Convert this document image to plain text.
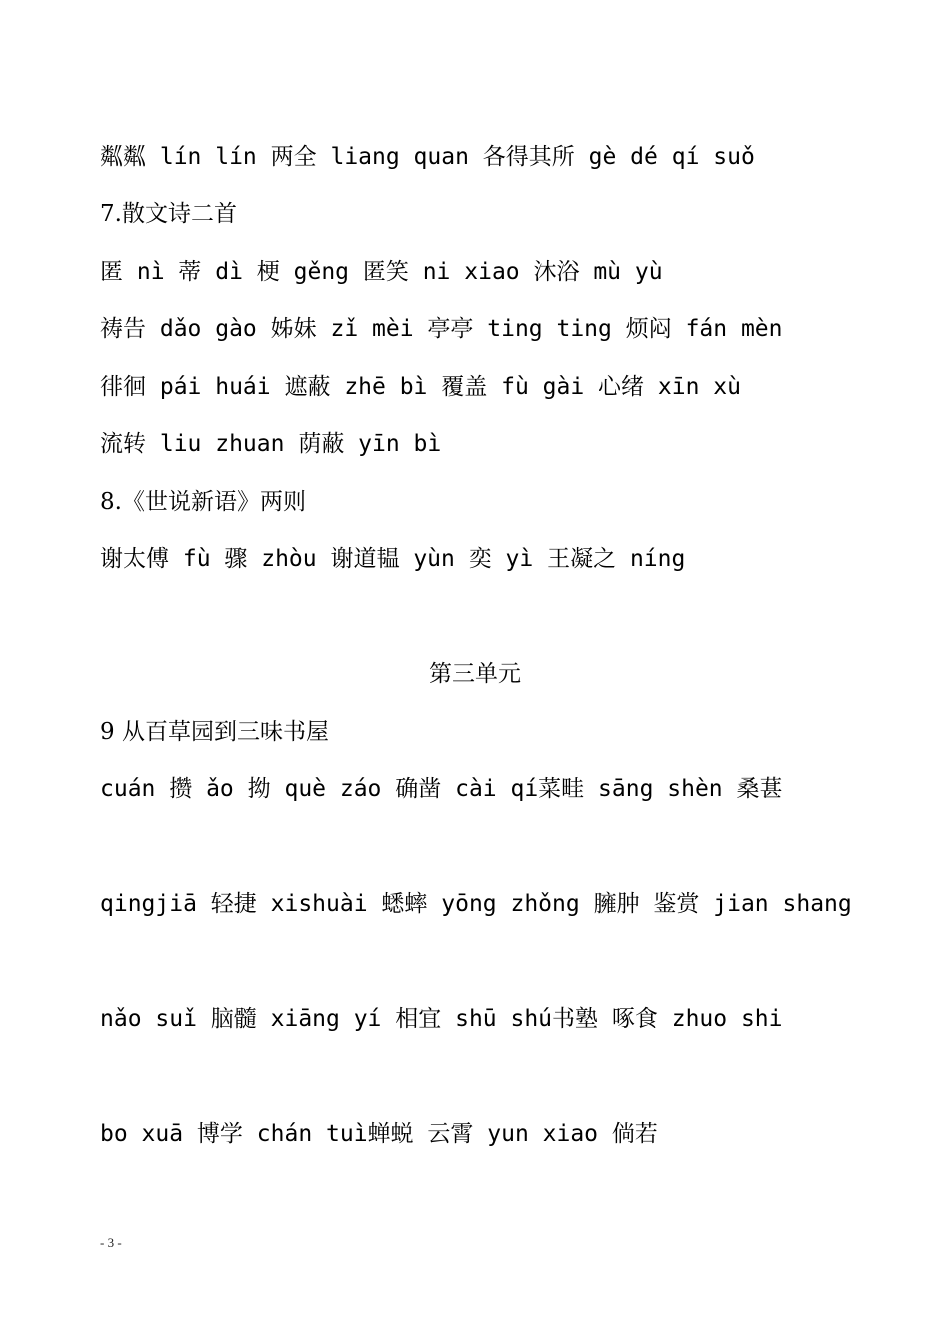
粼粼 lín lín 两全 liang quan 各得其所 gè dé qí suǒ
7.散文诗二首
匿 nì 蒂 dì 梗 gěng 匿笑 ni xiao 沐浴 mù yù
祷告 dǎo gào 姊妹 zǐ mèi 亭亭 ting ting 烦闷 fán mèn
徘徊 pái huái 遮蔽 zhē bì 覆盖 fù gài 心绪 xīn xù
流转 liu zhuan 荫蔽 yīn bì
8.《世说新语》两则
谢太傅 fù 骤 zhòu 谢道韫 yùn 奕 yì 王凝之 níng
第三单元
9 从百草园到三味书屋
cuán 攒 ǎo 拗 què záo 确凿 cài qí菜畦 sāng shèn 桑葚
qingjiā 轻捷 xishuài 蟋蟀 yōng zhǒng 臃肿 鉴赏 jian shang
nǎo suǐ 脑髓 xiāng yí 相宜 shū shú书塾 啄食 zhuo shi
bo xuā 博学 chán tuì蝉蜕 云霄 yun xiao 倘若
- 3 -
